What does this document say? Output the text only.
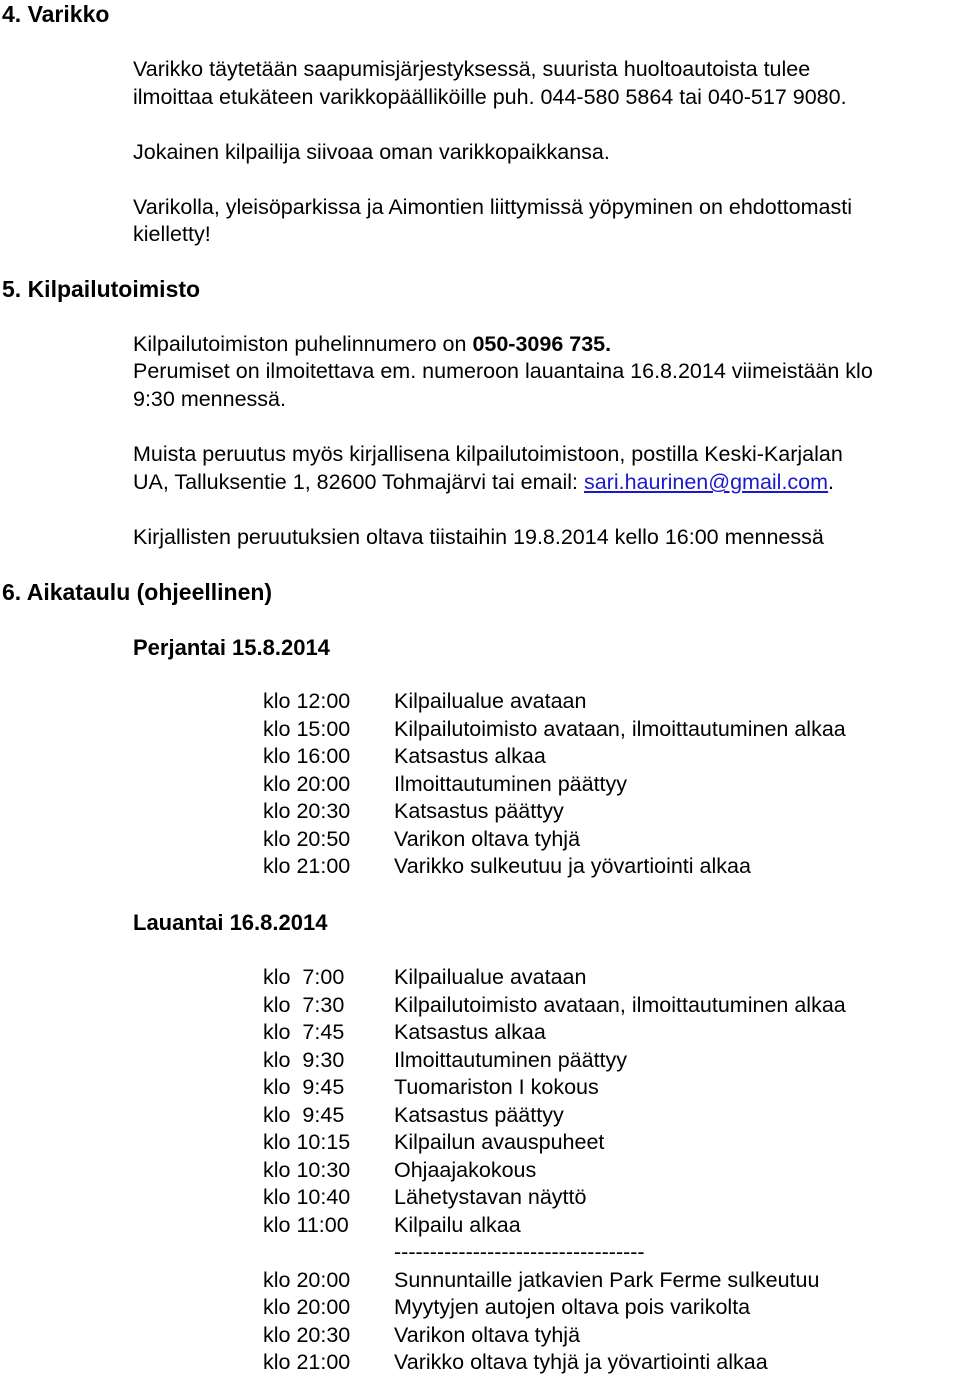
4. Varikko
Varikko täytetään saapumisjärjestyksessä, suurista huoltoautoista tulee
ilmoittaa etukäteen varikkopäälliköille puh. 044-580 5864 tai 040-517 9080.
Jokainen kilpailija siivoaa oman varikkopaikkansa.
Varikolla, yleisöparkissa ja Aimontien liittymissä yöpyminen on ehdottomasti
kielletty!
5. Kilpailutoimisto
Kilpailutoimiston puhelinnumero on 050-3096 735.
Perumiset on ilmoitettava em. numeroon lauantaina 16.8.2014 viimeistään klo
9:30 mennessä.
Muista peruutus myös kirjallisena kilpailutoimistoon, postilla Keski-Karjalan
UA, Talluksentie 1, 82600 Tohmajärvi tai email: sari.haurinen@gmail.com.
Kirjallisten peruutuksien oltava tiistaihin 19.8.2014 kello 16:00 mennessä
6. Aikataulu (ohjeellinen)
Perjantai 15.8.2014
klo 12:00	Kilpailualue avataan
klo 15:00	Kilpailutoimisto avataan, ilmoittautuminen alkaa
klo 16:00	Katsastus alkaa
klo 20:00	Ilmoittautuminen päättyy
klo 20:30	Katsastus päättyy
klo 20:50	Varikon oltava tyhjä
klo 21:00	Varikko sulkeutuu ja yövartiointi alkaa
Lauantai 16.8.2014
klo  7:00	Kilpailualue avataan
klo  7:30	Kilpailutoimisto avataan, ilmoittautuminen alkaa
klo  7:45	Katsastus alkaa
klo  9:30	Ilmoittautuminen päättyy
klo  9:45	Tuomariston I kokous
klo  9:45	Katsastus päättyy
klo 10:15	Kilpailun avauspuheet
klo 10:30	Ohjaajakokous
klo 10:40	Lähetystavan näyttö
klo 11:00	Kilpailu alkaa
-----------------------------------
klo 20:00	Sunnuntaille jatkavien Park Ferme sulkeutuu
klo 20:00	Myytyjen autojen oltava pois varikolta
klo 20:30	Varikon oltava tyhjä
klo 21:00	Varikko oltava tyhjä ja yövartiointi alkaa
